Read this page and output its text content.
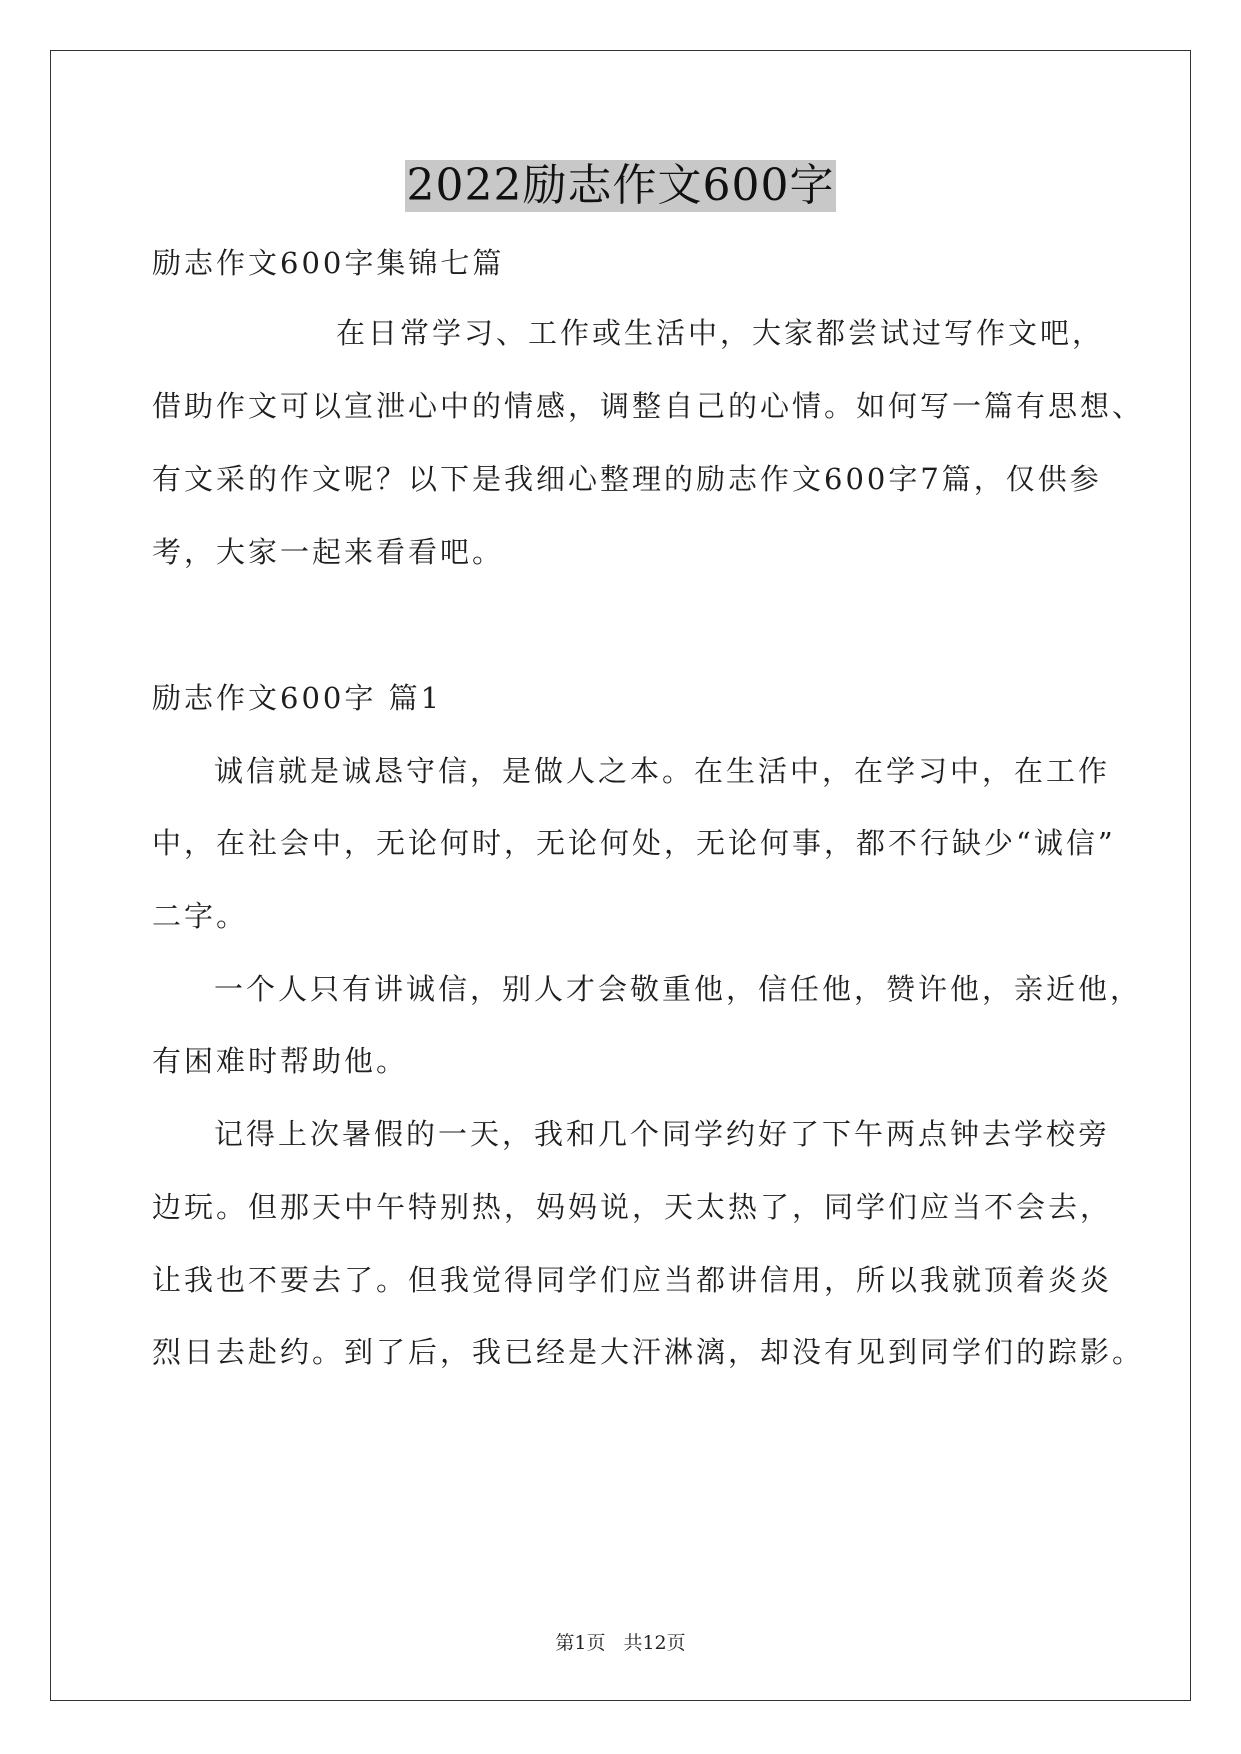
2022励志作文600字

励志作文600字集锦七篇

在日常学习、工作或生活中，大家都尝试过写作文吧，

借助作文可以宣泄心中的情感，调整自己的心情。如何写一篇有思想、

有文采的作文呢？以下是我细心整理的励志作文600字7篇，仅供参

考，大家一起来看看吧。

励志作文600字 篇1

诚信就是诚恳守信，是做人之本。在生活中，在学习中，在工作

中，在社会中，无论何时，无论何处，无论何事，都不行缺少“诚信”

二字。

一个人只有讲诚信，别人才会敬重他，信任他，赞许他，亲近他，

有困难时帮助他。

记得上次暑假的一天，我和几个同学约好了下午两点钟去学校旁

边玩。但那天中午特别热，妈妈说，天太热了，同学们应当不会去，

让我也不要去了。但我觉得同学们应当都讲信用，所以我就顶着炎炎

烈日去赴约。到了后，我已经是大汗淋漓，却没有见到同学们的踪影。

第1页 共12页
